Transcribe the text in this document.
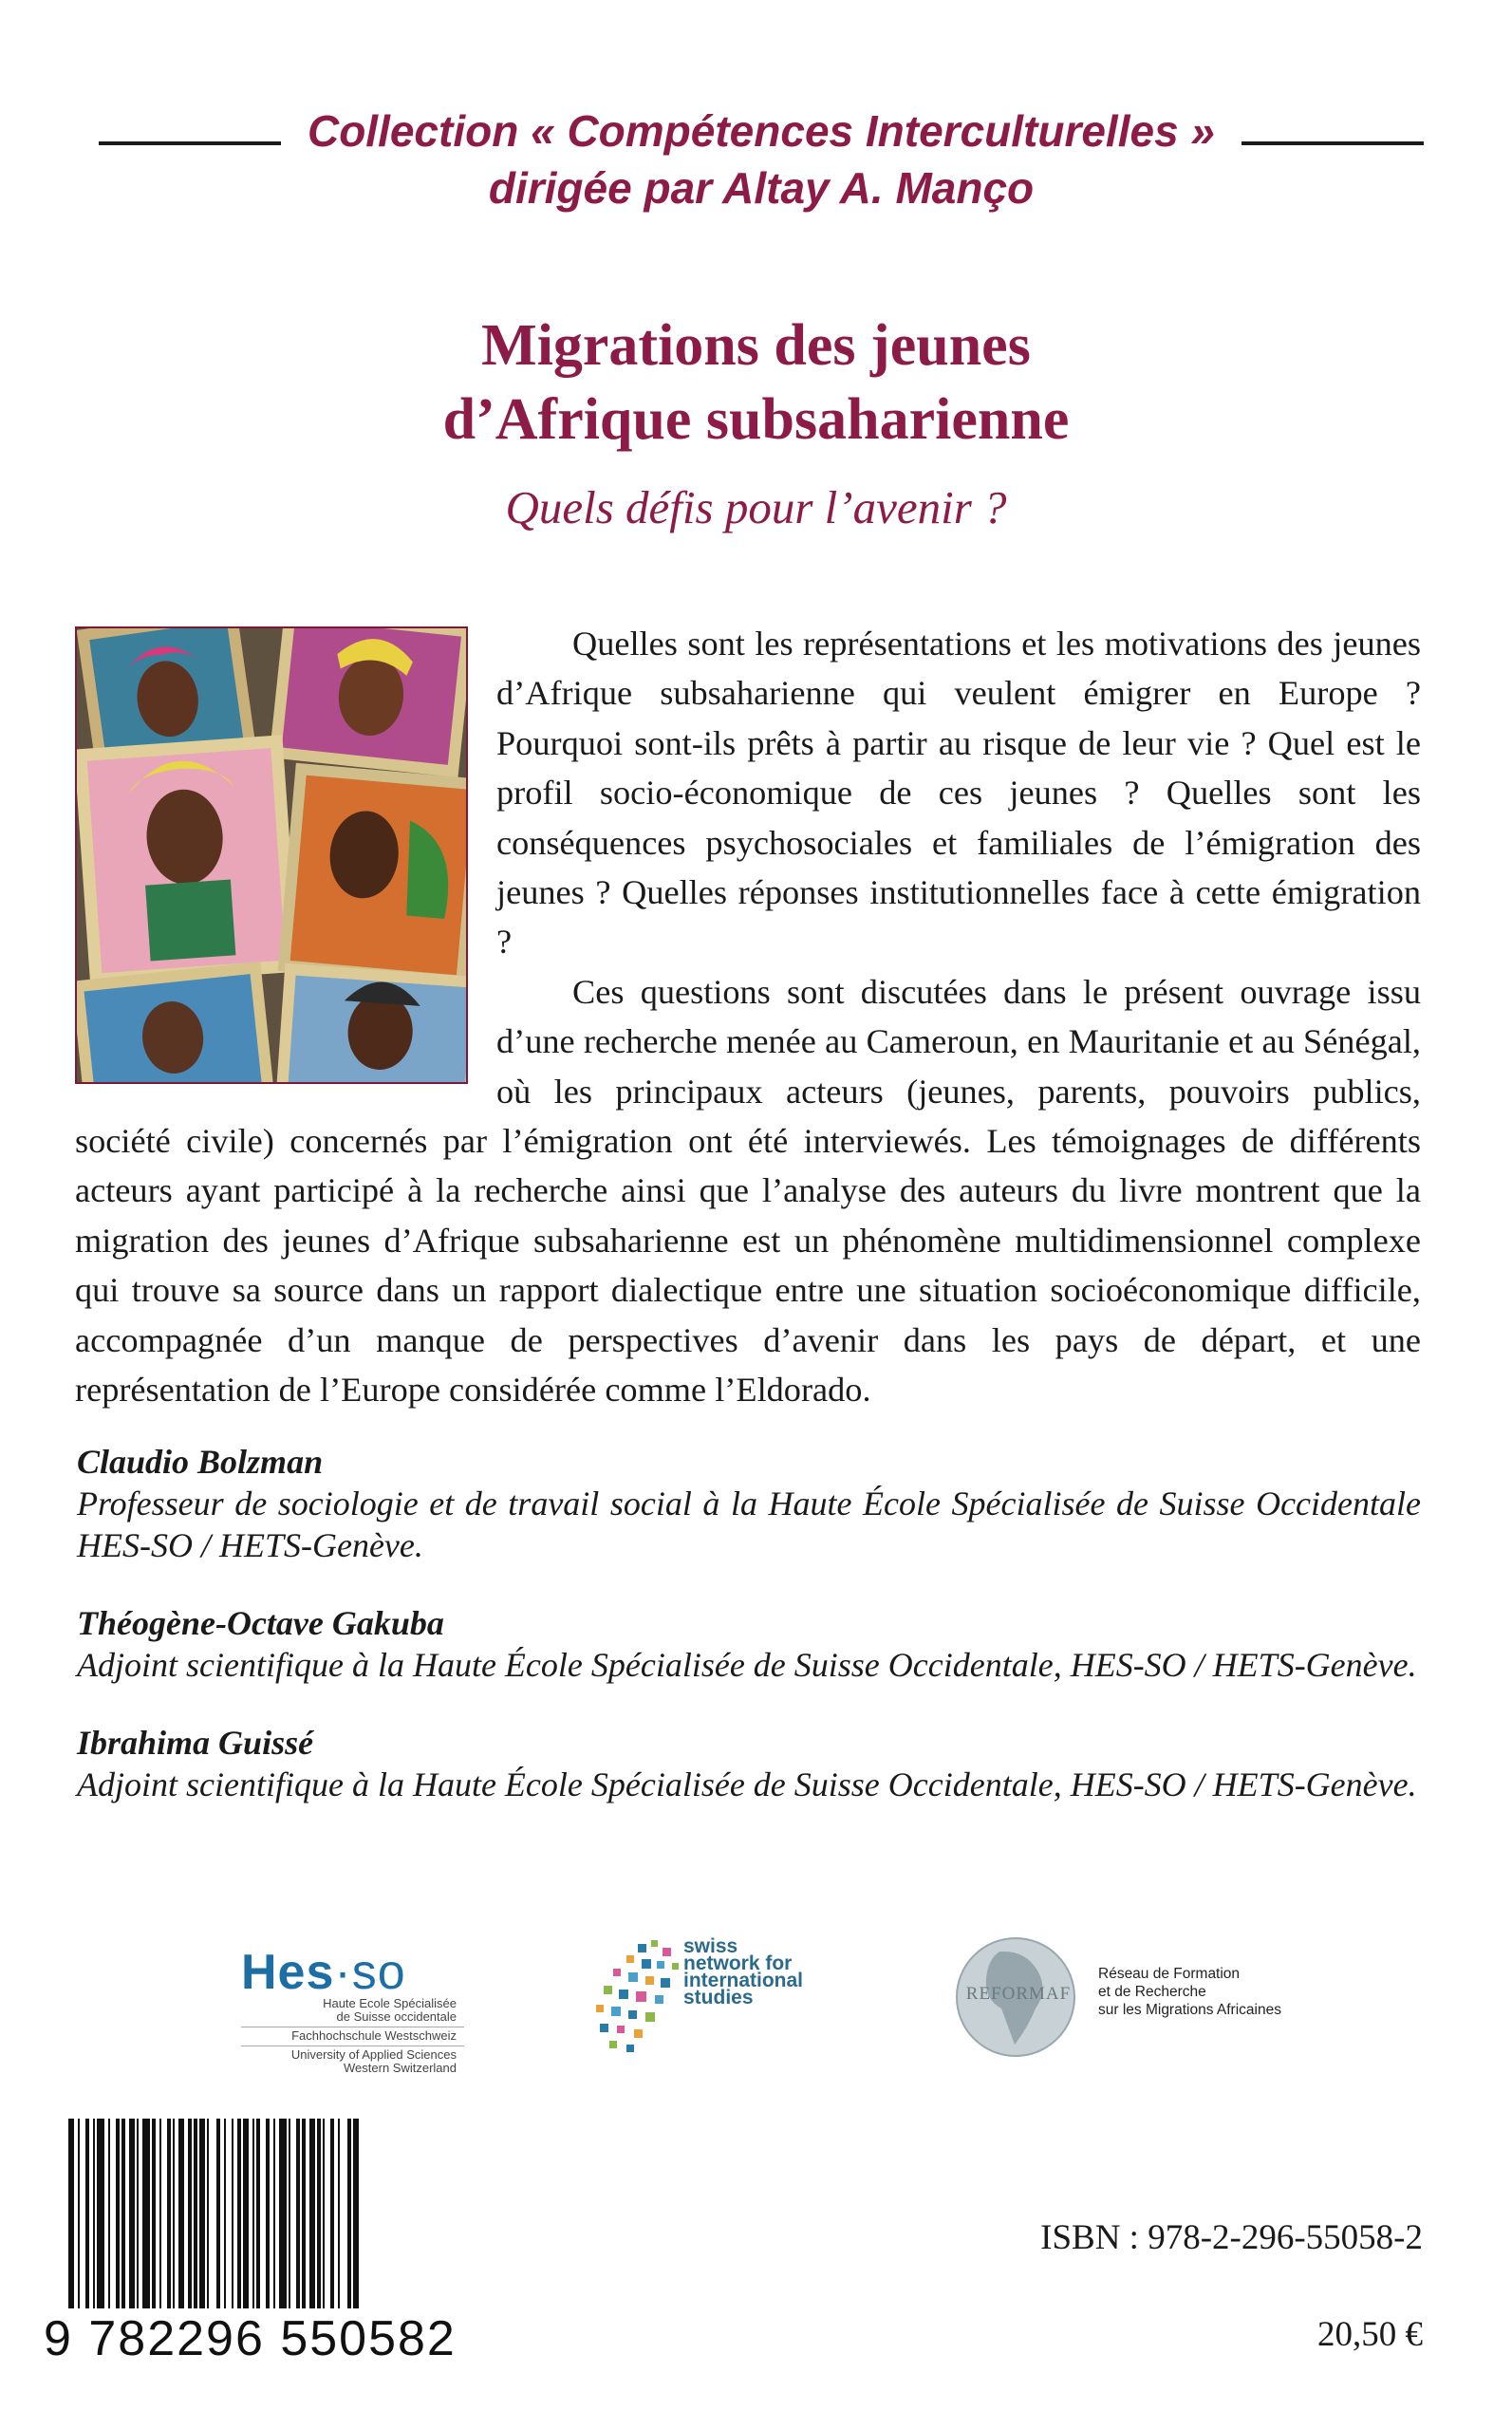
Collection « Compétences Interculturelles »
dirigée par Altay A. Manço
Migrations des jeunes
d’Afrique subsaharienne
Quels défis pour l’avenir ?

Quelles sont les représentations et les motivations des jeunes d’Afrique subsaharienne qui veulent émigrer en Europe ? Pourquoi sont-ils prêts à partir au risque de leur vie ? Quel est le profil socio-économique de ces jeunes ? Quelles sont les conséquences psychosociales et familiales de l’émigration des jeunes ? Quelles réponses institutionnelles face à cette émigration ?

Ces questions sont discutées dans le présent ouvrage issu d’une recherche menée au Cameroun, en Mauritanie et au Sénégal, où les principaux acteurs (jeunes, parents, pouvoirs publics, société civile) concernés par l’émigration ont été interviewés. Les témoignages de différents acteurs ayant participé à la recherche ainsi que l’analyse des auteurs du livre montrent que la migration des jeunes d’Afrique subsaharienne est un phénomène multidimensionnel complexe qui trouve sa source dans un rapport dialectique entre une situation socioéconomique difficile, accompagnée d’un manque de perspectives d’avenir dans les pays de départ, et une représentation de l’Europe considérée comme l’Eldorado.

Claudio Bolzman
Professeur de sociologie et de travail social à la Haute École Spécialisée de Suisse Occidentale HES-SO / HETS-Genève.
Théogène-Octave Gakuba
Adjoint scientifique à la Haute École Spécialisée de Suisse Occidentale, HES-SO / HETS-Genève.
Ibrahima Guissé
Adjoint scientifique à la Haute École Spécialisée de Suisse Occidentale, HES-SO / HETS-Genève.
Hes·so
Haute Ecole Spécialisée
de Suisse occidentale
Fachhochschule Westschweiz
University of Applied Sciences
Western Switzerland
swiss
network for
international
studies	REFORMAF
Réseau de Formation
et de Recherche
sur les Migrations Africaines
9 782296 550582
ISBN : 978-2-296-55058-2
20,50 €
